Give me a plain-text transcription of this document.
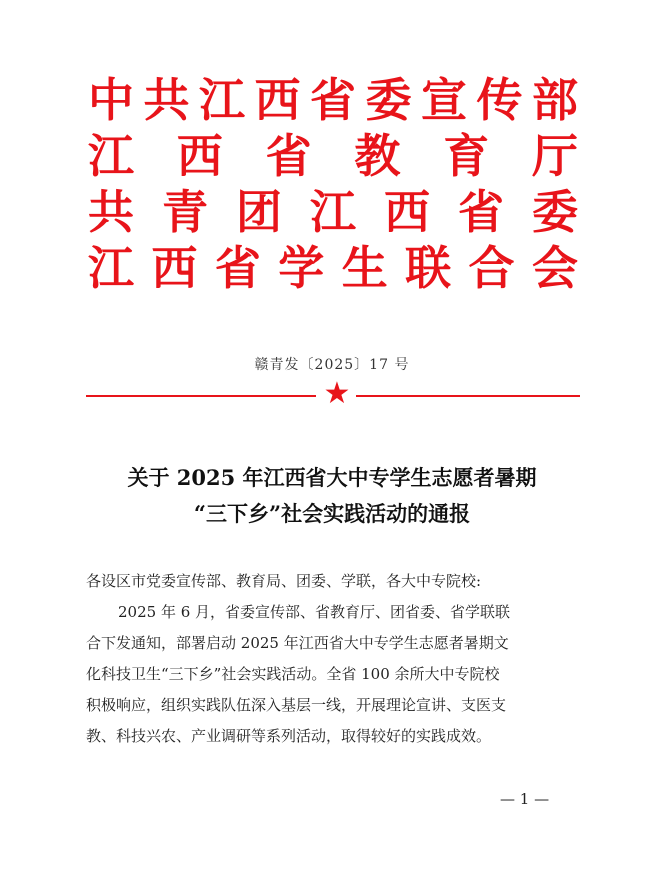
中 共 江 西 省 委 宣 传 部
江 西 省 教 育 厅
共 青 团 江 西 省 委
江 西 省 学 生 联 合 会
赣青发〔2025〕17 号
★
关于 2025 年江西省大中专学生志愿者暑期
“三下乡”社会实践活动的通报
各设区市党委宣传部、教育局、团委、学联，各大中专院校:
2025 年 6 月，省委宣传部、省教育厅、团省委、省学联联
合下发通知，部署启动 2025 年江西省大中专学生志愿者暑期文
化科技卫生“三下乡”社会实践活动。全省 100 余所大中专院校
积极响应，组织实践队伍深入基层一线，开展理论宣讲、支医支
教、科技兴农、产业调研等系列活动，取得较好的实践成效。
— 1 —
